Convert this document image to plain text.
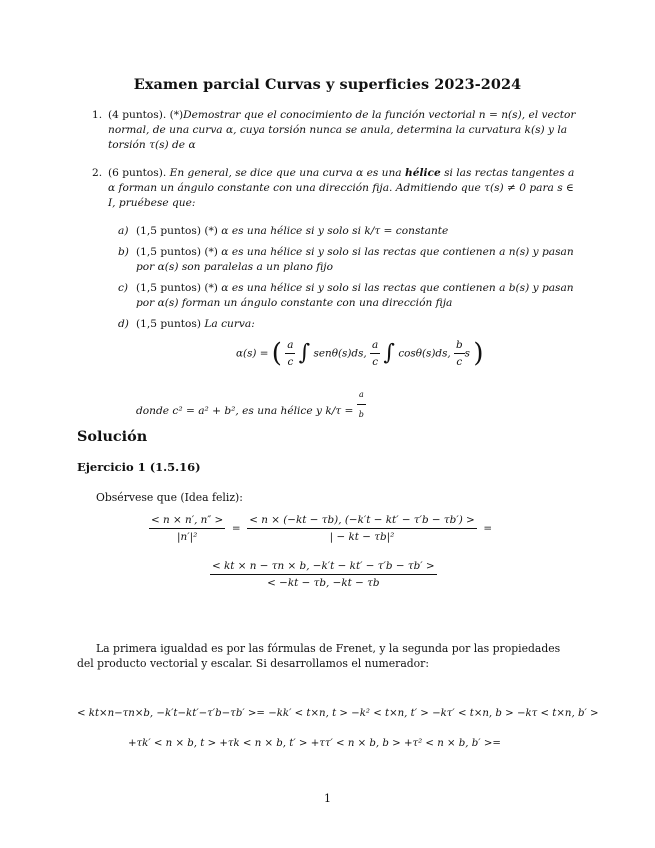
Examen parcial Curvas y superficies 2023-2024
1. (4 puntos). (*)Demostrar que el conocimiento de la función vectorial n = n(s), el vector normal, de una curva α, cuya torsión nunca se anula, determina la curvatura k(s) y la torsión τ(s) de α
2. (6 puntos). En general, se dice que una curva α es una hélice si las rectas tangentes a α forman un ángulo constante con una dirección fija. Admitiendo que τ(s) ≠ 0 para s ∈ I, pruébese que:
a) (1,5 puntos) (*) α es una hélice si y solo si k/τ = constante
b) (1,5 puntos) (*) α es una hélice si y solo si las rectas que contienen a n(s) y pasan por α(s) son paralelas a un plano fijo
c) (1,5 puntos) (*) α es una hélice si y solo si las rectas que contienen a b(s) y pasan por α(s) forman un ángulo constante con una dirección fija
d) (1,5 puntos) La curva:
α(s) = ( $\frac{a}{c}$ ∫ senθ(s)ds, $\frac{a}{c}$ ∫ cosθ(s)ds, $\frac{b}{c}$ s )
donde c² = a² + b², es una hélice y $k/\tau = \frac{a}{b}$
Solución
Ejercicio 1 (1.5.16)
Obsérvese que (Idea feliz):
$\frac{< n \times n', n'' >}{\text{|n′|²}} = \frac{< n \times (-kt - \tau b), (-k't - kt' - \tau'b - \tau b') >}{\text{| − kt − τb|²}}$ =
$\frac{< kt \times n - \tau n \times b, -k't - kt' - \tau'b - \tau b' >}{< -kt - \tau b, -kt - \tau b}$
La primera igualdad es por las fórmulas de Frenet, y la segunda por las propiedades del producto vectorial y escalar. Si desarrollamos el numerador:
< kt×n−τn×b, −k′t−kt′−τ′b−τb′ >= −kk′ < t×n, t > −k² < t×n, t′ > −kτ′ < t×n, b > −kτ < t×n, b′ >
+τk′ < n × b, t > +τk < n × b, t′ > +ττ′ < n × b, b > +τ² < n × b, b′ >=
1
